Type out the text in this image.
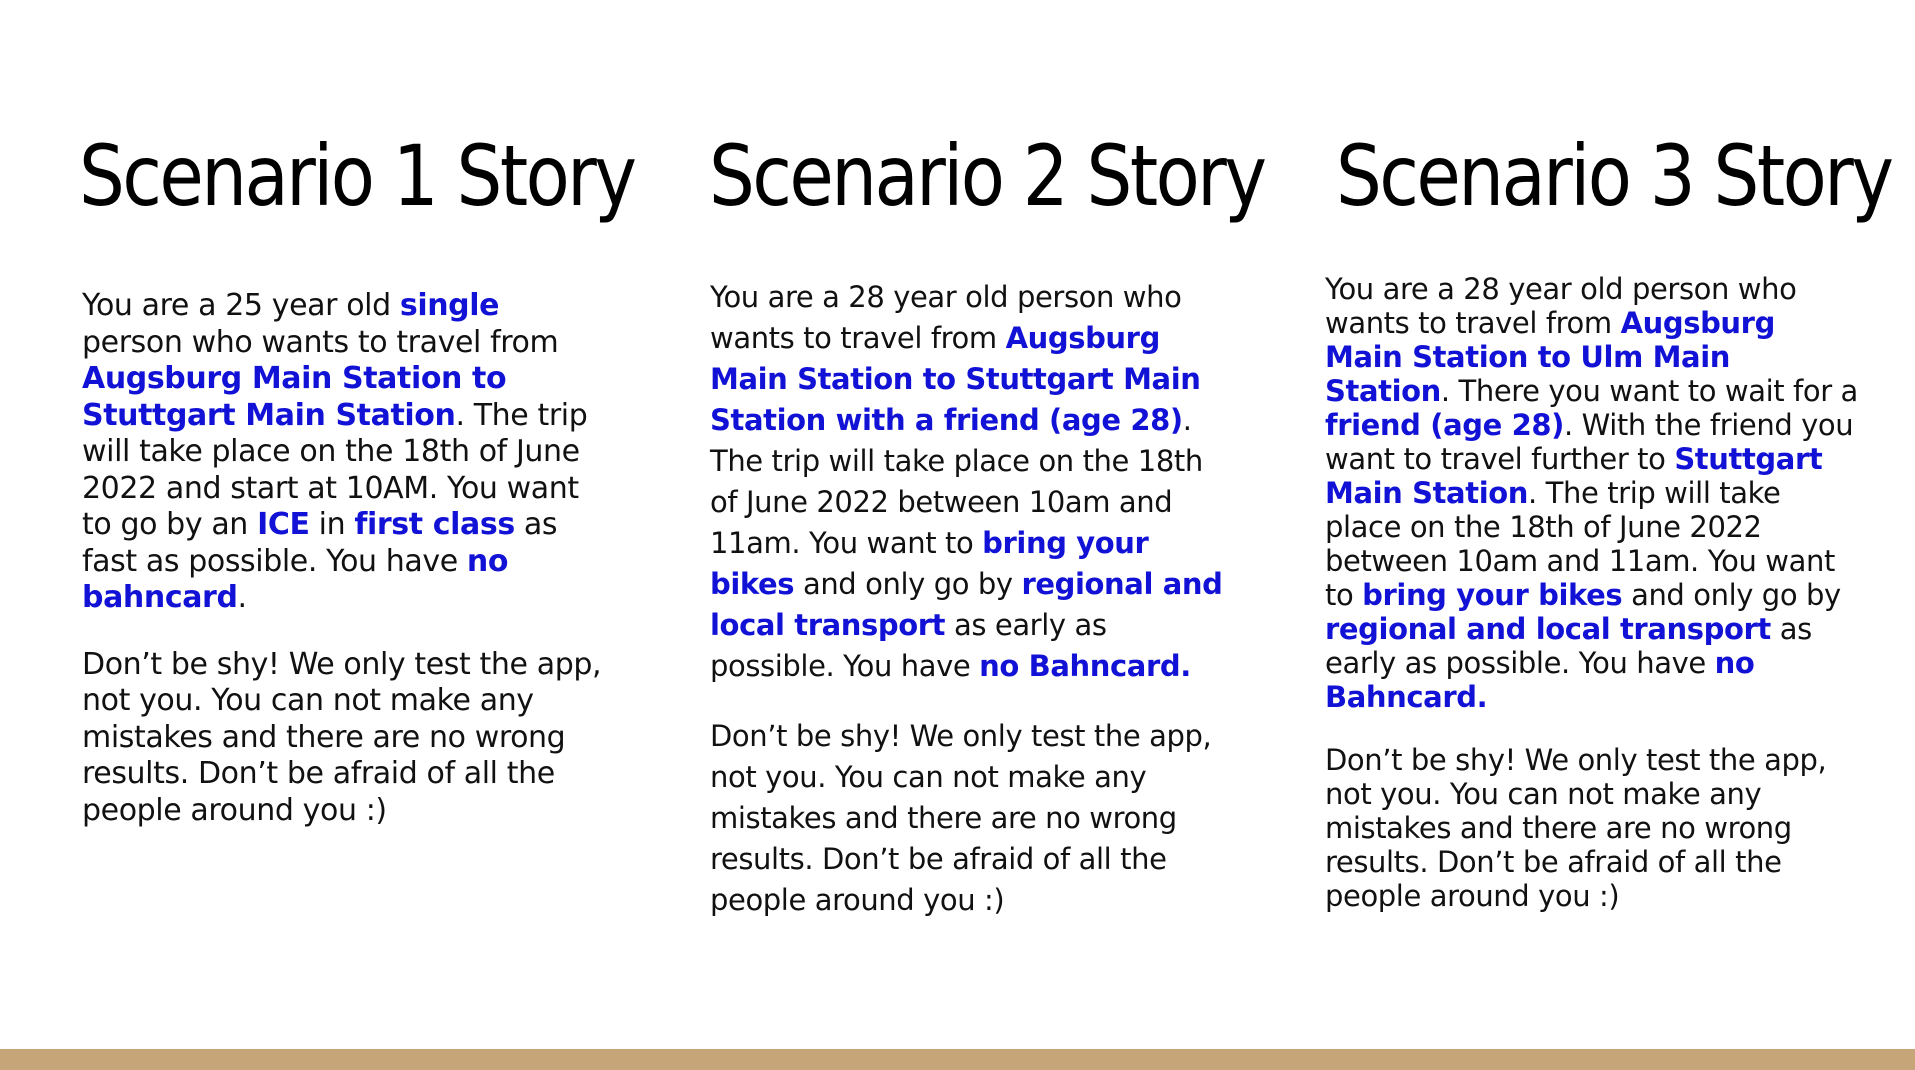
Scenario 1 Story Scenario 2 Story Scenario 3 Story

You are a 25 year old single person who wants to travel from Augsburg Main Station to Stuttgart Main Station. The trip will take place on the 18th of June 2022 and start at 10AM. You want to go by an ICE in first class as fast as possible. You have no bahncard.

Don’t be shy! We only test the app, not you. You can not make any mistakes and there are no wrong results. Don’t be afraid of all the people around you :)

You are a 28 year old person who wants to travel from Augsburg Main Station to Stuttgart Main Station with a friend (age 28). The trip will take place on the 18th of June 2022 between 10am and 11am. You want to bring your bikes and only go by regional and local transport as early as possible. You have no Bahncard.

Don’t be shy! We only test the app, not you. You can not make any mistakes and there are no wrong results. Don’t be afraid of all the people around you :)

You are a 28 year old person who wants to travel from Augsburg Main Station to Ulm Main Station. There you want to wait for a friend (age 28). With the friend you want to travel further to Stuttgart Main Station. The trip will take place on the 18th of June 2022 between 10am and 11am. You want to bring your bikes and only go by regional and local transport as early as possible. You have no Bahncard.

Don’t be shy! We only test the app, not you. You can not make any mistakes and there are no wrong results. Don’t be afraid of all the people around you :)
